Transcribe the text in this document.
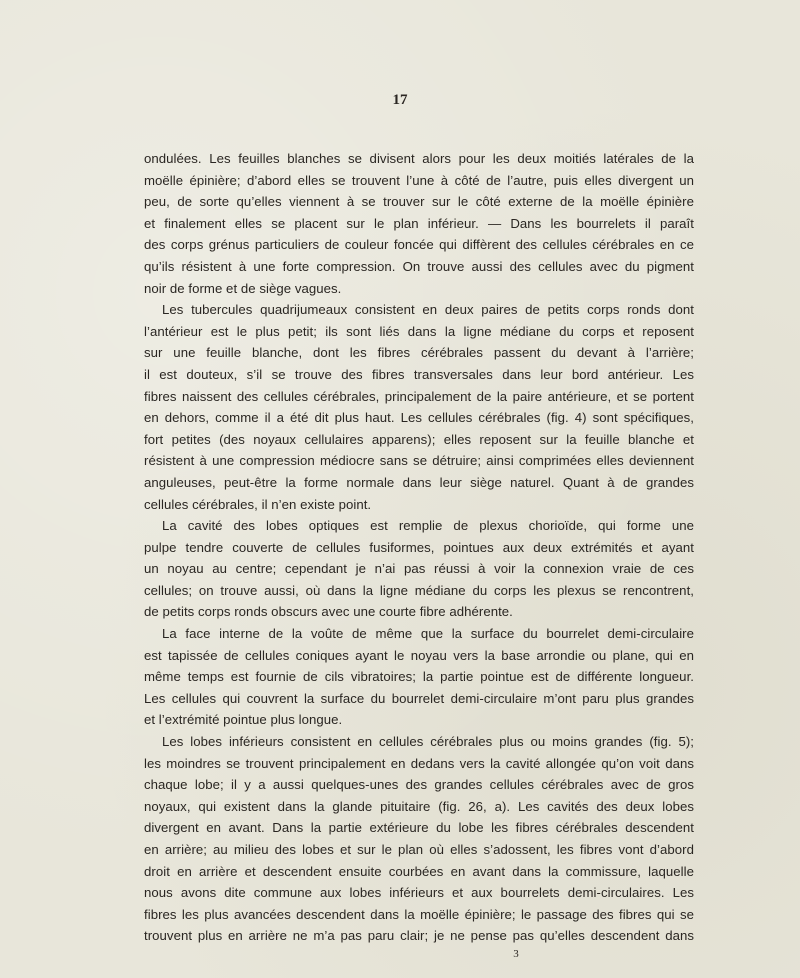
17
ondulées. Les feuilles blanches se divisent alors pour les deux moitiés latérales de la
moëlle épinière; d’abord elles se trouvent l’une à côté de l’autre, puis elles divergent un
peu, de sorte qu’elles viennent à se trouver sur le côté externe de la moëlle épinière
et finalement elles se placent sur le plan inférieur. — Dans les bourrelets il paraît
des corps grénus particuliers de couleur foncée qui diffèrent des cellules cérébrales en ce
qu’ils résistent à une forte compression. On trouve aussi des cellules avec du pigment
noir de forme et de siège vagues.
Les tubercules quadrijumeaux consistent en deux paires de petits corps ronds dont
l’antérieur est le plus petit; ils sont liés dans la ligne médiane du corps et reposent
sur une feuille blanche, dont les fibres cérébrales passent du devant à l’arrière;
il est douteux, s’il se trouve des fibres transversales dans leur bord antérieur. Les
fibres naissent des cellules cérébrales, principalement de la paire antérieure, et se portent
en dehors, comme il a été dit plus haut. Les cellules cérébrales (fig. 4) sont spécifiques,
fort petites (des noyaux cellulaires apparens); elles reposent sur la feuille blanche et
résistent à une compression médiocre sans se détruire; ainsi comprimées elles deviennent
anguleuses, peut-être la forme normale dans leur siège naturel. Quant à de grandes
cellules cérébrales, il n’en existe point.
La cavité des lobes optiques est remplie de plexus chorioïde, qui forme une
pulpe tendre couverte de cellules fusiformes, pointues aux deux extrémités et ayant
un noyau au centre; cependant je n’ai pas réussi à voir la connexion vraie de ces
cellules; on trouve aussi, où dans la ligne médiane du corps les plexus se rencontrent,
de petits corps ronds obscurs avec une courte fibre adhérente.
La face interne de la voûte de même que la surface du bourrelet demi-circulaire
est tapissée de cellules coniques ayant le noyau vers la base arrondie ou plane, qui en
même temps est fournie de cils vibratoires; la partie pointue est de différente longueur.
Les cellules qui couvrent la surface du bourrelet demi-circulaire m’ont paru plus grandes
et l’extrémité pointue plus longue.
Les lobes inférieurs consistent en cellules cérébrales plus ou moins grandes (fig. 5);
les moindres se trouvent principalement en dedans vers la cavité allongée qu’on voit dans
chaque lobe; il y a aussi quelques-unes des grandes cellules cérébrales avec de gros
noyaux, qui existent dans la glande pituitaire (fig. 26, a). Les cavités des deux lobes
divergent en avant. Dans la partie extérieure du lobe les fibres cérébrales descendent
en arrière; au milieu des lobes et sur le plan où elles s’adossent, les fibres vont d’abord
droit en arrière et descendent ensuite courbées en avant dans la commissure, laquelle
nous avons dite commune aux lobes inférieurs et aux bourrelets demi-circulaires. Les
fibres les plus avancées descendent dans la moëlle épinière; le passage des fibres qui se
trouvent plus en arrière ne m’a pas paru clair; je ne pense pas qu’elles descendent dans
3
